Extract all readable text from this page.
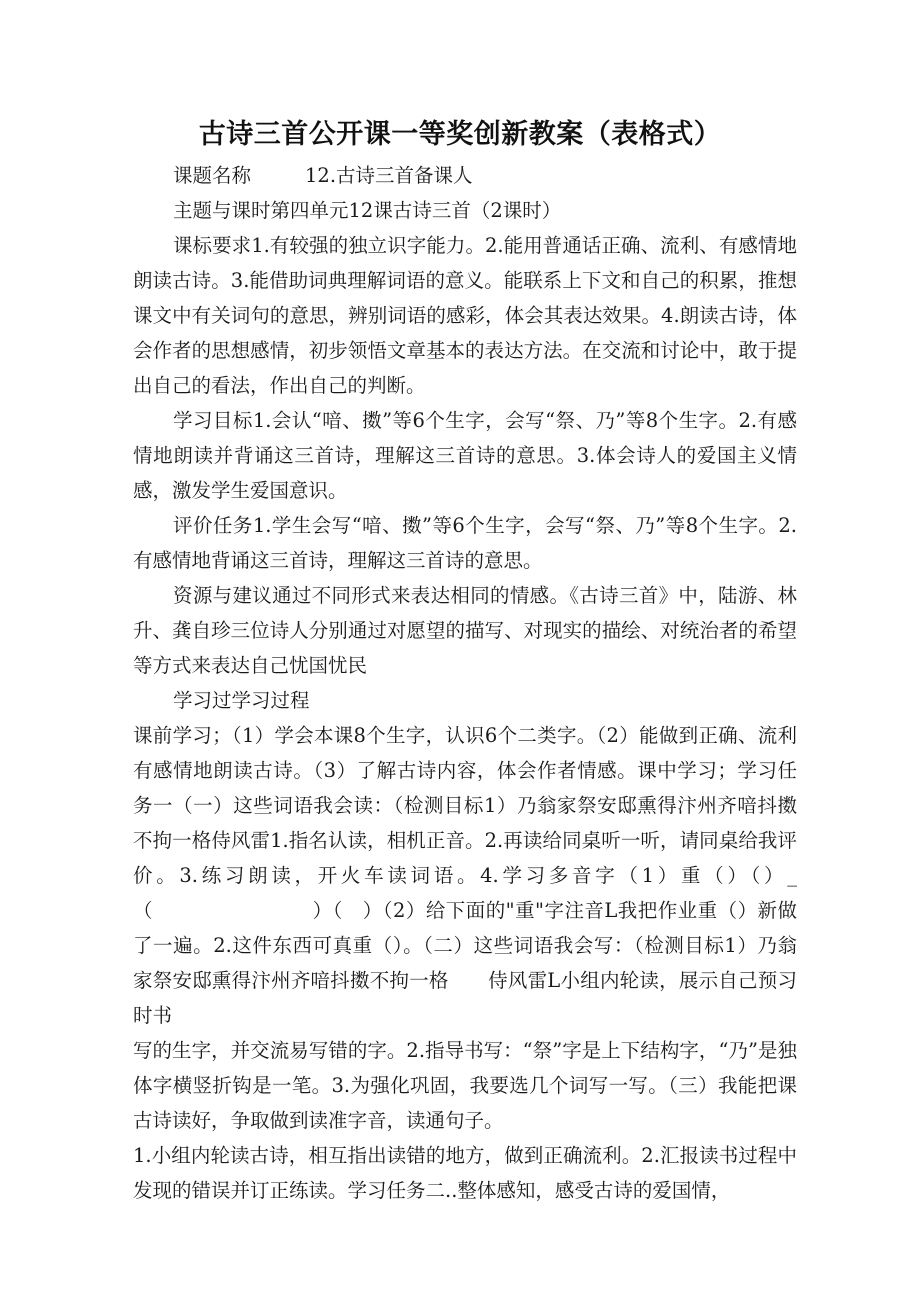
古诗三首公开课一等奖创新教案（表格式）

课题名称	12.古诗三首备课人

主题与课时第四单元12课古诗三首（2课时）

课标要求1.有较强的独立识字能力。2.能用普通话正确、流利、有感情地朗读古诗。3.能借助词典理解词语的意义。能联系上下文和自己的积累，推想课文中有关词句的意思，辨别词语的感彩，体会其表达效果。4.朗读古诗，体会作者的思想感情，初步领悟文章基本的表达方法。在交流和讨论中，敢于提出自己的看法，作出自己的判断。

学习目标1.会认“喑、擞”等6个生字，会写“祭、乃”等8个生字。2.有感情地朗读并背诵这三首诗，理解这三首诗的意思。3.体会诗人的爱国主义情感，激发学生爱国意识。

评价任务1.学生会写“喑、擞”等6个生字，会写“祭、乃”等8个生字。2.有感情地背诵这三首诗，理解这三首诗的意思。

资源与建议通过不同形式来表达相同的情感。《古诗三首》中，陆游、林升、龚自珍三位诗人分别通过对愿望的描写、对现实的描绘、对统治者的希望等方式来表达自己忧国忧民

学习过学习过程

课前学习；（1）学会本课8个生字，认识6个二类字。（2）能做到正确、流利有感情地朗读古诗。（3）了解古诗内容，体会作者情感。课中学习；学习任务一（一）这些词语我会读：（检测目标1）乃翁家祭安邸熏得汴州齐喑抖擞不拘一格侍风雷1.指名认读，相机正音。2.再读给同桌听一听，请同桌给我评价。3.练习朗读，开火车读词语。4.学习多音字（1）重（）（）_（　　　　　　　　）（　）（2）给下面的"重"字注音L我把作业重（）新做了一遍。2.这件东西可真重（）。（二）这些词语我会写：（检测目标1）乃翁家祭安邸熏得汴州齐喑抖擞不拘一格　　侍风雷L小组内轮读，展示自己预习时书

写的生字，并交流易写错的字。2.指导书写：“祭”字是上下结构字，“乃”是独体字横竖折钩是一笔。3.为强化巩固，我要选几个词写一写。（三）我能把课古诗读好，争取做到读准字音，读通句子。

1.小组内轮读古诗，相互指出读错的地方，做到正确流利。2.汇报读书过程中发现的错误并订正练读。学习任务二..整体感知，感受古诗的爱国情，
